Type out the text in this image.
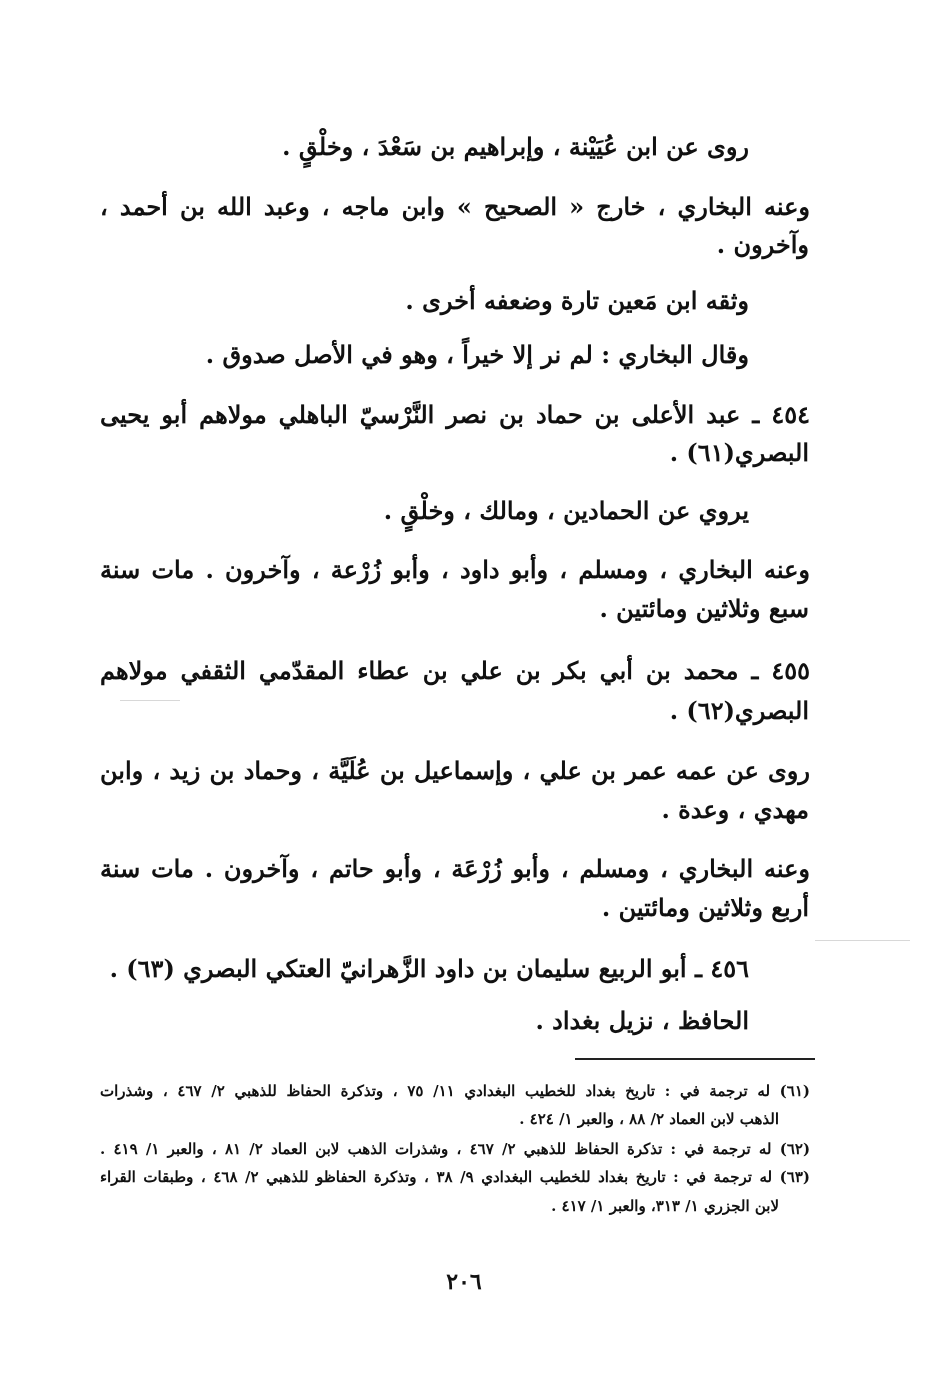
روى عن ابن عُيَيْنة ، وإبراهيم بن سَعْدَ ، وخلْقٍ .
وعنه البخاري ، خارج « الصحيح » وابن ماجه ، وعبد الله بن أحمد ،
وآخرون .
وثقه ابن مَعين تارة وضعفه أخرى .
وقال البخاري : لم نر إلا خيراً ، وهو في الأصل صدوق .
٤٥٤ ـ عبد الأعلى بن حماد بن نصر النَّرْسيّ الباهلي مولاهم أبو يحيى
البصري(٦١) .
يروي عن الحمادين ، ومالك ، وخلْقٍ .
وعنه البخاري ، ومسلم ، وأبو داود ، وأبو زُرْعة ، وآخرون . مات سنة
سبع وثلاثين ومائتين .
٤٥٥ ـ محمد بن أبي بكر بن علي بن عطاء المقدّمي الثقفي مولاهم
البصري(٦٢) .
روى عن عمه عمر بن علي ، وإسماعيل بن عُلَيَّة ، وحماد بن زيد ، وابن
مهدي ، وعدة .
وعنه البخاري ، ومسلم ، وأبو زُرْعَة ، وأبو حاتم ، وآخرون . مات سنة
أربع وثلاثين ومائتين .
٤٥٦ ـ أبو الربيع سليمان بن داود الزَّهرانيّ العتكي البصري (٦٣) .
الحافظ ، نزيل بغداد .
(٦١) له ترجمة في : تاريخ بغداد للخطيب البغدادي ١١/ ٧٥ ، وتذكرة الحفاظ للذهبي ٢/ ٤٦٧ ، وشذرات
الذهب لابن العماد ٢/ ٨٨ ، والعبر ١/ ٤٢٤ .
(٦٢) له ترجمة في : تذكرة الحفاظ للذهبي ٢/ ٤٦٧ ، وشذرات الذهب لابن العماد ٢/ ٨١ ، والعبر ١/ ٤١٩ .
(٦٣) له ترجمة في : تاريخ بغداد للخطيب البغدادي ٩/ ٣٨ ، وتذكرة الحفاظو للذهبي ٢/ ٤٦٨ ، وطبقات القراء
لابن الجزري ١/ ٣١٣، والعبر ١/ ٤١٧ .
٢٠٦
